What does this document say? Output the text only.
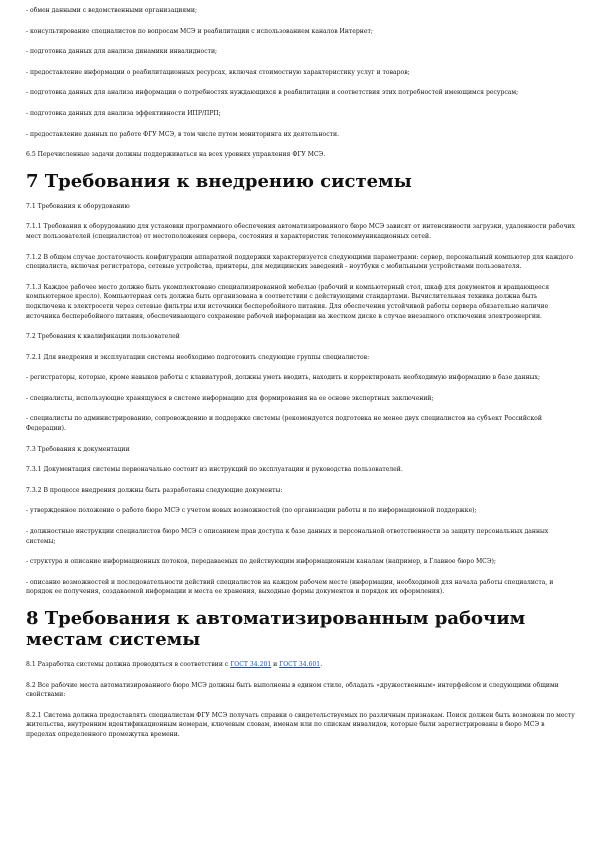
- обмен данными с ведомственными организациями;

- консультирование специалистов по вопросам МСЭ и реабилитации с использованием каналов Интернет;

- подготовка данных для анализа динамики инвалидности;

- предоставление информации о реабилитационных ресурсах, включая стоимостную характеристику услуг и товаров;

- подготовка данных для анализа информации о потребностях нуждающихся в реабилитации и соответствия этих потребностей имеющимся ресурсам;

- подготовка данных для анализа эффективности ИПР/ПРП;

- предоставление данных по работе ФГУ МСЭ, в том числе путем мониторинга их деятельности.

6.5 Перечисленные задачи должны поддерживаться на всех уровнях управления ФГУ МСЭ.

7 Требования к внедрению системы

7.1 Требования к оборудованию

7.1.1 Требования к оборудованию для установки программного обеспечения автоматизированного бюро МСЭ зависят от интенсивности загрузки, удаленности рабочих мест пользователей (специалистов) от местоположения сервера, состояния и характеристик телекоммуникационных сетей.

7.1.2 В общем случае достаточность конфигурации аппаратной поддержки характеризуется следующими параметрами: сервер, персональный компьютер для каждого специалиста, включая регистратора, сетевые устройства, принтеры, для медицинских заведений - ноутбуки с мобильными устройствами пользователя.

7.1.3 Каждое рабочее место должно быть укомплектовано специализированной мебелью (рабочий и компьютерный стол, шкаф для документов и вращающееся компьютерное кресло). Компьютерная сеть должна быть организована в соответствии с действующими стандартами. Вычислительная техника должна быть подключена к электросети через сетевые фильтры или источники бесперебойного питания. Для обеспечения устойчивой работы сервера обязательно наличие источника бесперебойного питания, обеспечивающего сохранение рабочей информации на жестком диске в случае внезапного отключения электроэнергии.

7.2 Требования к квалификации пользователей

7.2.1 Для внедрения и эксплуатации системы необходимо подготовить следующие группы специалистов:

- регистраторы, которые, кроме навыков работы с клавиатурой, должны уметь вводить, находить и корректировать необходимую информацию в базе данных;

- специалисты, использующие хранящуюся в системе информацию для формирования на ее основе экспертных заключений;

- специалисты по администрированию, сопровождению и поддержке системы (рекомендуется подготовка не менее двух специалистов на субъект Российской Федерации).

7.3 Требования к документации

7.3.1 Документация системы первоначально состоит из инструкций по эксплуатации и руководства пользователей.

7.3.2 В процессе внедрения должны быть разработаны следующие документы:

- утвержденное положение о работе бюро МСЭ с учетом новых возможностей (по организации работы и по информационной поддержке);

- должностные инструкции специалистов бюро МСЭ с описанием прав доступа к базе данных и персональной ответственности за защиту персональных данных системы;

- структура и описание информационных потоков, передаваемых по действующим информационным каналам (например, в Главное бюро МСЭ);

- описание возможностей и последовательности действий специалистов на каждом рабочем месте (информации, необходимой для начала работы специалиста, и порядок ее получения, создаваемой информации и места ее хранения, выходные формы документов и порядок их оформления).

8 Требования к автоматизированным рабочим местам системы

8.1 Разработка системы должна проводиться в соответствии с ГОСТ 34.201 и ГОСТ 34.601.

8.2 Все рабочие места автоматизированного бюро МСЭ должны быть выполнены в едином стиле, обладать «дружественным» интерфейсом и следующими общими свойствами:

8.2.1 Система должна предоставлять специалистам ФГУ МСЭ получать справки о свидетельствуемых по различным признакам. Поиск должен быть возможен по месту жительства, внутренним идентификационным номерам, ключевым словам, именам или по спискам инвалидов, которые были зарегистрированы в бюро МСЭ в пределах определенного промежутка времени.
